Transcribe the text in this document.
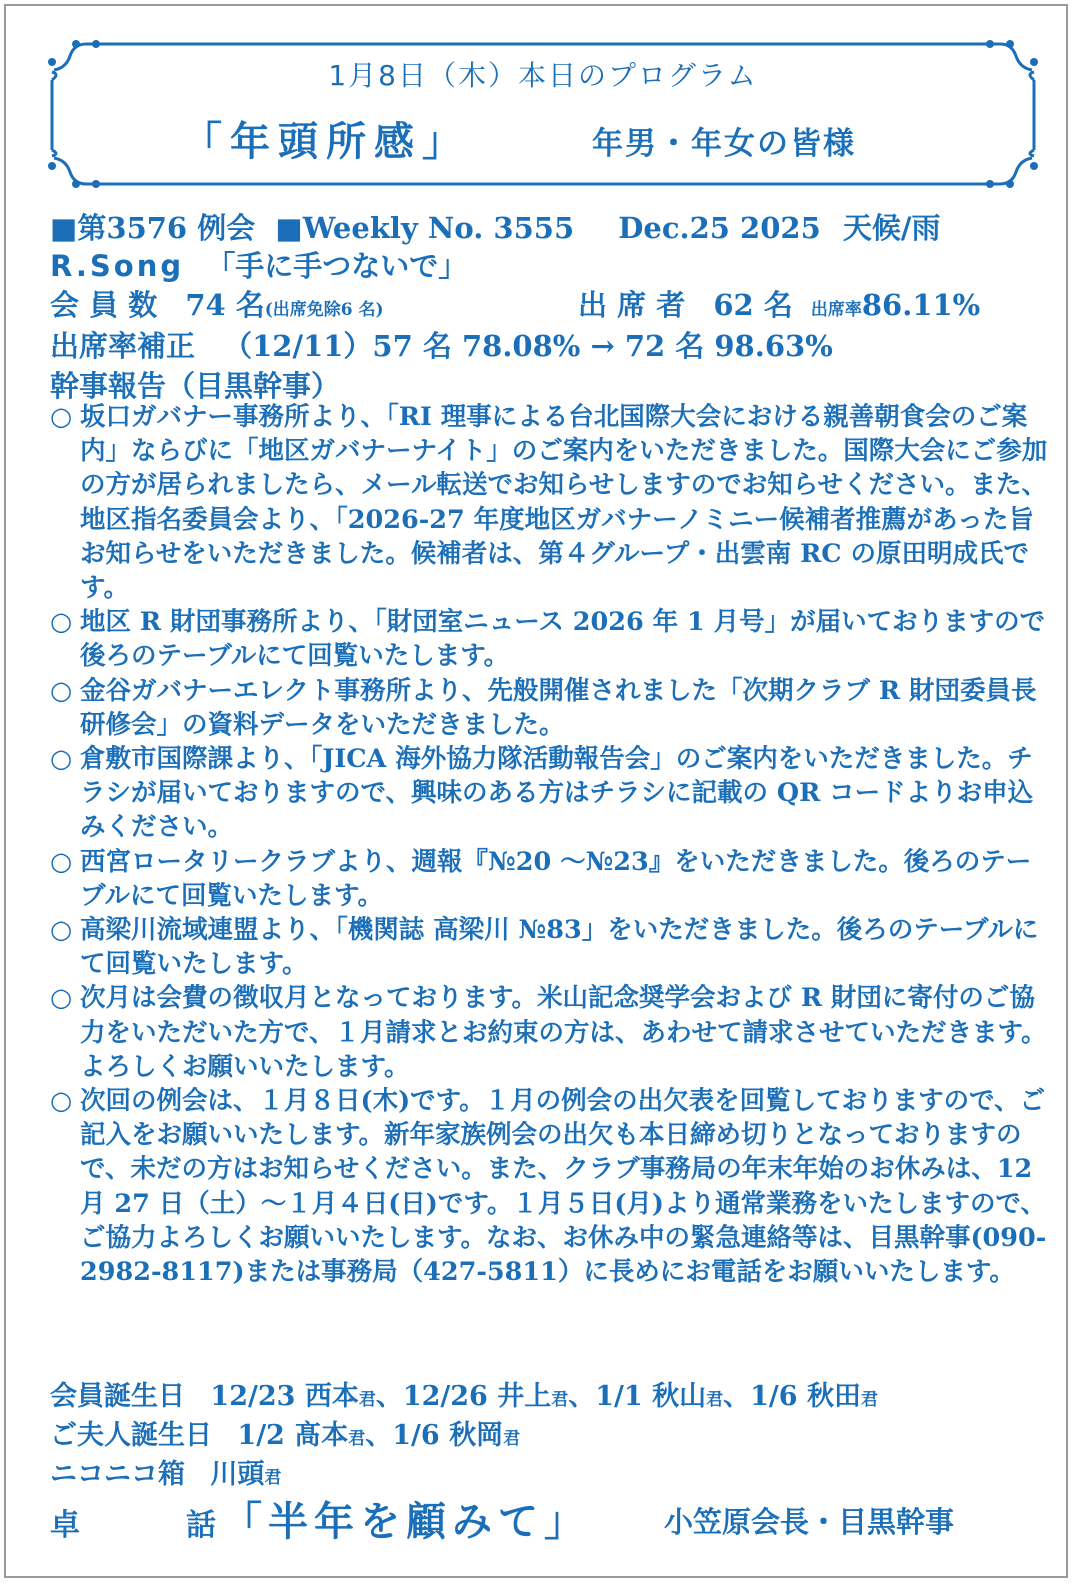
1月8日（木）本日のプログラム
「年頭所感」	年男・年女の皆様
■第3576 例会 ■Weekly No. 3555 Dec.25 2025 天候/雨
R.Song 「手に手つないで」
会 員 数 74 名(出席免除6 名)	出 席 者 62 名 出席率86.11%
出席率補正 （12/11）57 名 78.08% → 72 名 98.63%
幹事報告（目黒幹事）

○ 坂口ガバナー事務所より、「RI 理事による台北国際大会における親善朝食会のご案内」ならびに「地区ガバナーナイト」のご案内をいただきました。国際大会にご参加の方が居られましたら、メール転送でお知らせしますのでお知らせください。また、地区指名委員会より、「2026-27 年度地区ガバナーノミニー候補者推薦があった旨お知らせをいただきました。候補者は、第４グループ・出雲南 RC の原田明成氏です。

○ 地区 R 財団事務所より、「財団室ニュース 2026 年 1 月号」が届いておりますので後ろのテーブルにて回覧いたします。

○ 金谷ガバナーエレクト事務所より、先般開催されました「次期クラブ R 財団委員長研修会」の資料データをいただきました。

○ 倉敷市国際課より、「JICA 海外協力隊活動報告会」のご案内をいただきました。チラシが届いておりますので、興味のある方はチラシに記載の QR コードよりお申込みください。

○ 西宮ロータリークラブより、週報『№20 〜№23』をいただきました。後ろのテーブルにて回覧いたします。

○ 高梁川流域連盟より、「機関誌 高梁川 №83」をいただきました。後ろのテーブルにて回覧いたします。

○ 次月は会費の徴収月となっております。米山記念奨学会および R 財団に寄付のご協力をいただいた方で、１月請求とお約束の方は、あわせて請求させていただきます。よろしくお願いいたします。

○ 次回の例会は、１月８日(木)です。１月の例会の出欠表を回覧しておりますので、ご記入をお願いいたします。新年家族例会の出欠も本日締め切りとなっておりますので、未だの方はお知らせください。また、クラブ事務局の年末年始のお休みは、12 月 27 日（土）〜１月４日(日)です。１月５日(月)より通常業務をいたしますので、ご協力よろしくお願いいたします。なお、お休み中の緊急連絡等は、目黒幹事(090-2982-8117)または事務局（427-5811）に長めにお電話をお願いいたします。

会員誕生日 12/23 西本君、12/26 井上君、1/1 秋山君、1/6 秋田君
ご夫人誕生日 1/2 髙本君、1/6 秋岡君
ニコニコ箱 川頭君
卓	話 「半年を顧みて」	小笠原会長・目黒幹事
